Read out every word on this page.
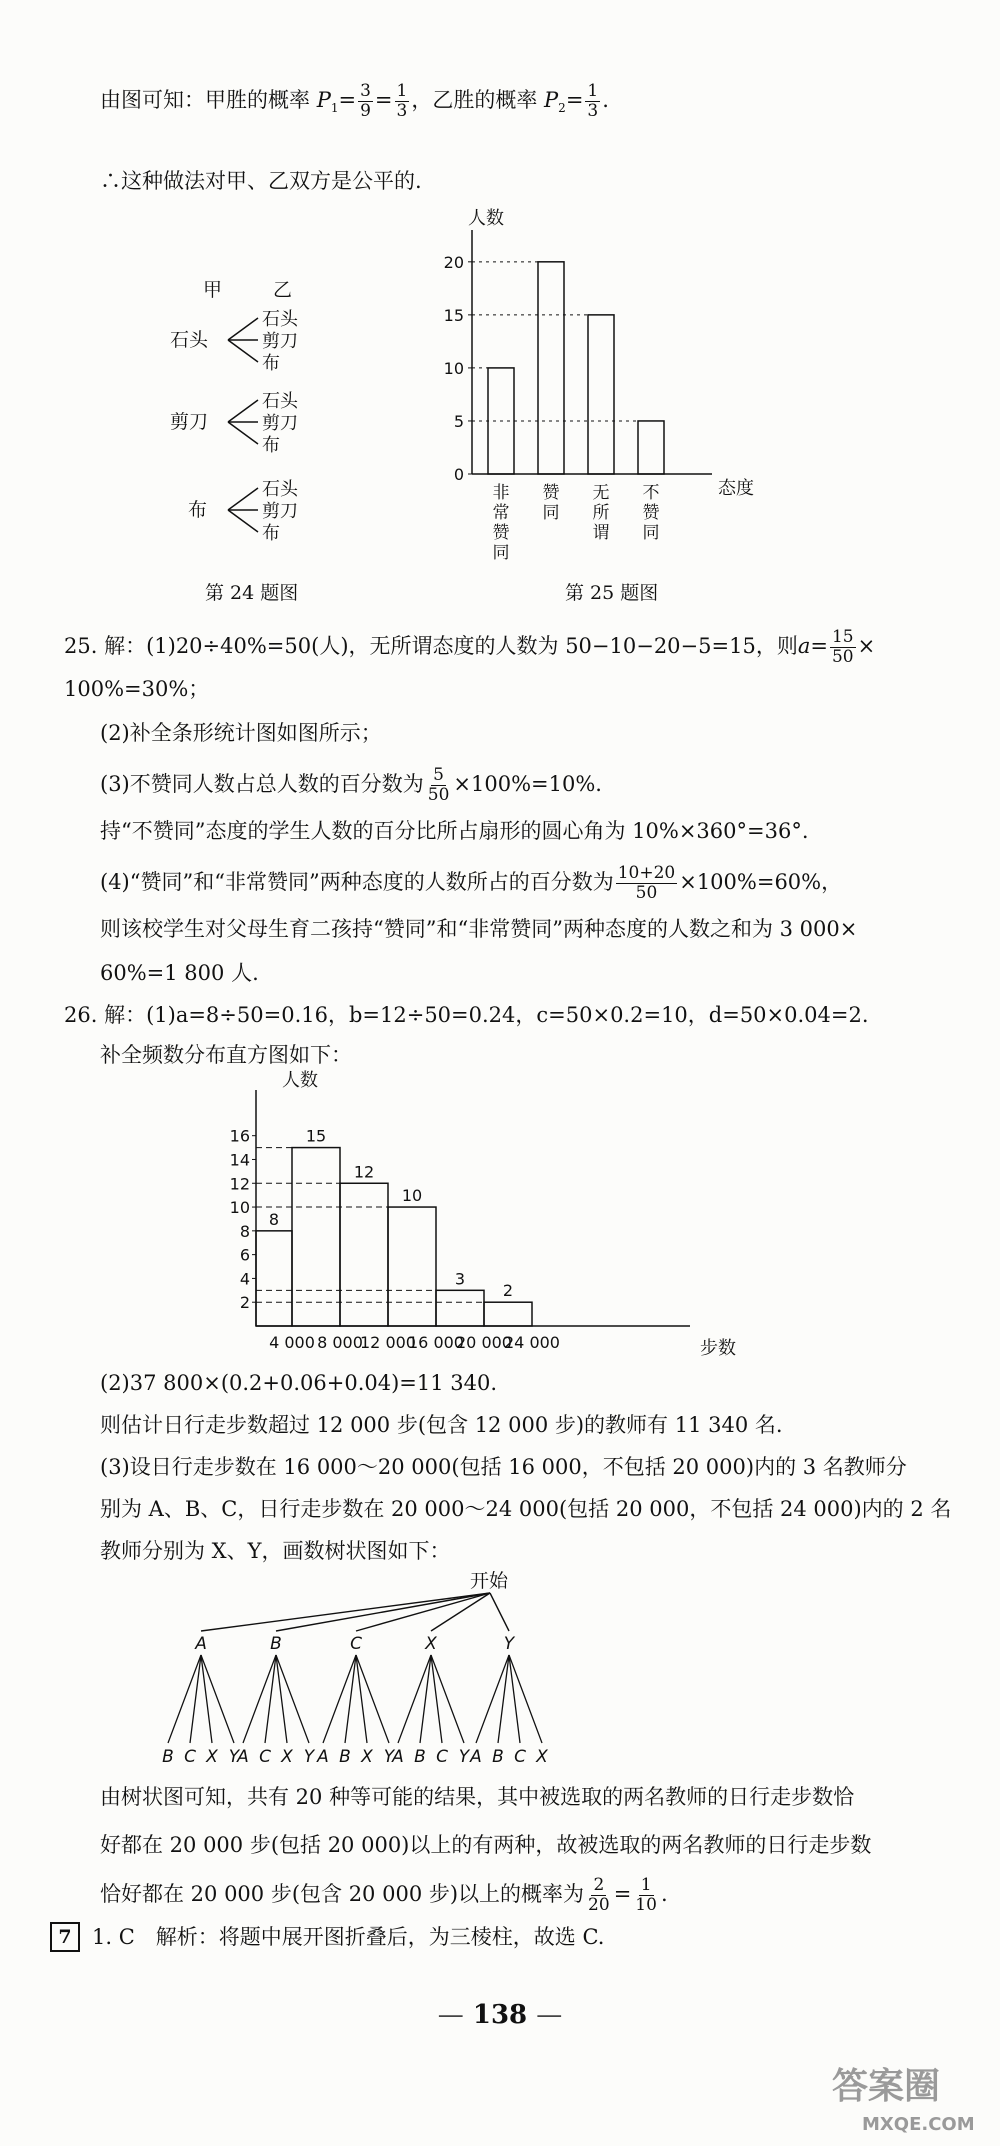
由图可知：甲胜的概率 $P_1= \frac{3}{9} = \frac{1}{3}$ ，乙胜的概率 $P_2= \frac{1}{3}$ .
∴这种做法对甲、乙双方是公平的.
甲	乙
石头
石头
剪刀
布
剪刀
石头
剪刀
布
布
石头
剪刀
布
第 24 题图
人数
态度
0
5
10
15
20
非
常
赞
同
赞
同
无
所
谓
不
赞
同
第 25 题图
25. 解：(1)20÷40%=50(人)，无所谓态度的人数为 50−10−20−5=15，则$a= \frac{15}{50}$ ×
100%=30%；
(2)补全条形统计图如图所示；
(3)不赞同人数占总人数的百分数为 $\frac{5}{50} \times 100\%=10\%$.
持“不赞同”态度的学生人数的百分比所占扇形的圆心角为 10%×360°=36°.
(4)“赞同”和“非常赞同”两种态度的人数所占的百分数为 $\frac{10+20}{50} \times 100\%=60\%$，
则该校学生对父母生育二孩持“赞同”和“非常赞同”两种态度的人数之和为 3 000×
60%=1 800 人.
26. 解：(1)a=8÷50=0.16，b=12÷50=0.24，c=50×0.2=10，d=50×0.04=2.
补全频数分布直方图如下：
人数
步数
2
4
6
8
10
12
14
16
8
15
12
10
3
2
4 000 8 000
12 000
16 000
20 000
24 000
(2)37 800×(0.2+0.06+0.04)=11 340.
则估计日行走步数超过 12 000 步(包含 12 000 步)的教师有 11 340 名.
(3)设日行走步数在 16 000～20 000(包括 16 000，不包括 20 000)内的 3 名教师分
别为 A、B、C，日行走步数在 20 000～24 000(包括 20 000，不包括 24 000)内的 2 名
教师分别为 X、Y，画数树状图如下：
开始
A
B C X Y
B
A C X Y
C
A B X Y
X
A B C Y
Y
A B C X
由树状图可知，共有 20 种等可能的结果，其中被选取的两名教师的日行走步数恰
好都在 20 000 步(包括 20 000)以上的有两种，故被选取的两名教师的日行走步数
恰好都在 20 000 步(包含 20 000 步)以上的概率为 $\frac{2}{20} = \frac{1}{10}$ .
7 1. C　解析：将题中展开图折叠后，为三棱柱，故选 C.
— 138 —
答案圈
MXQE.COM
